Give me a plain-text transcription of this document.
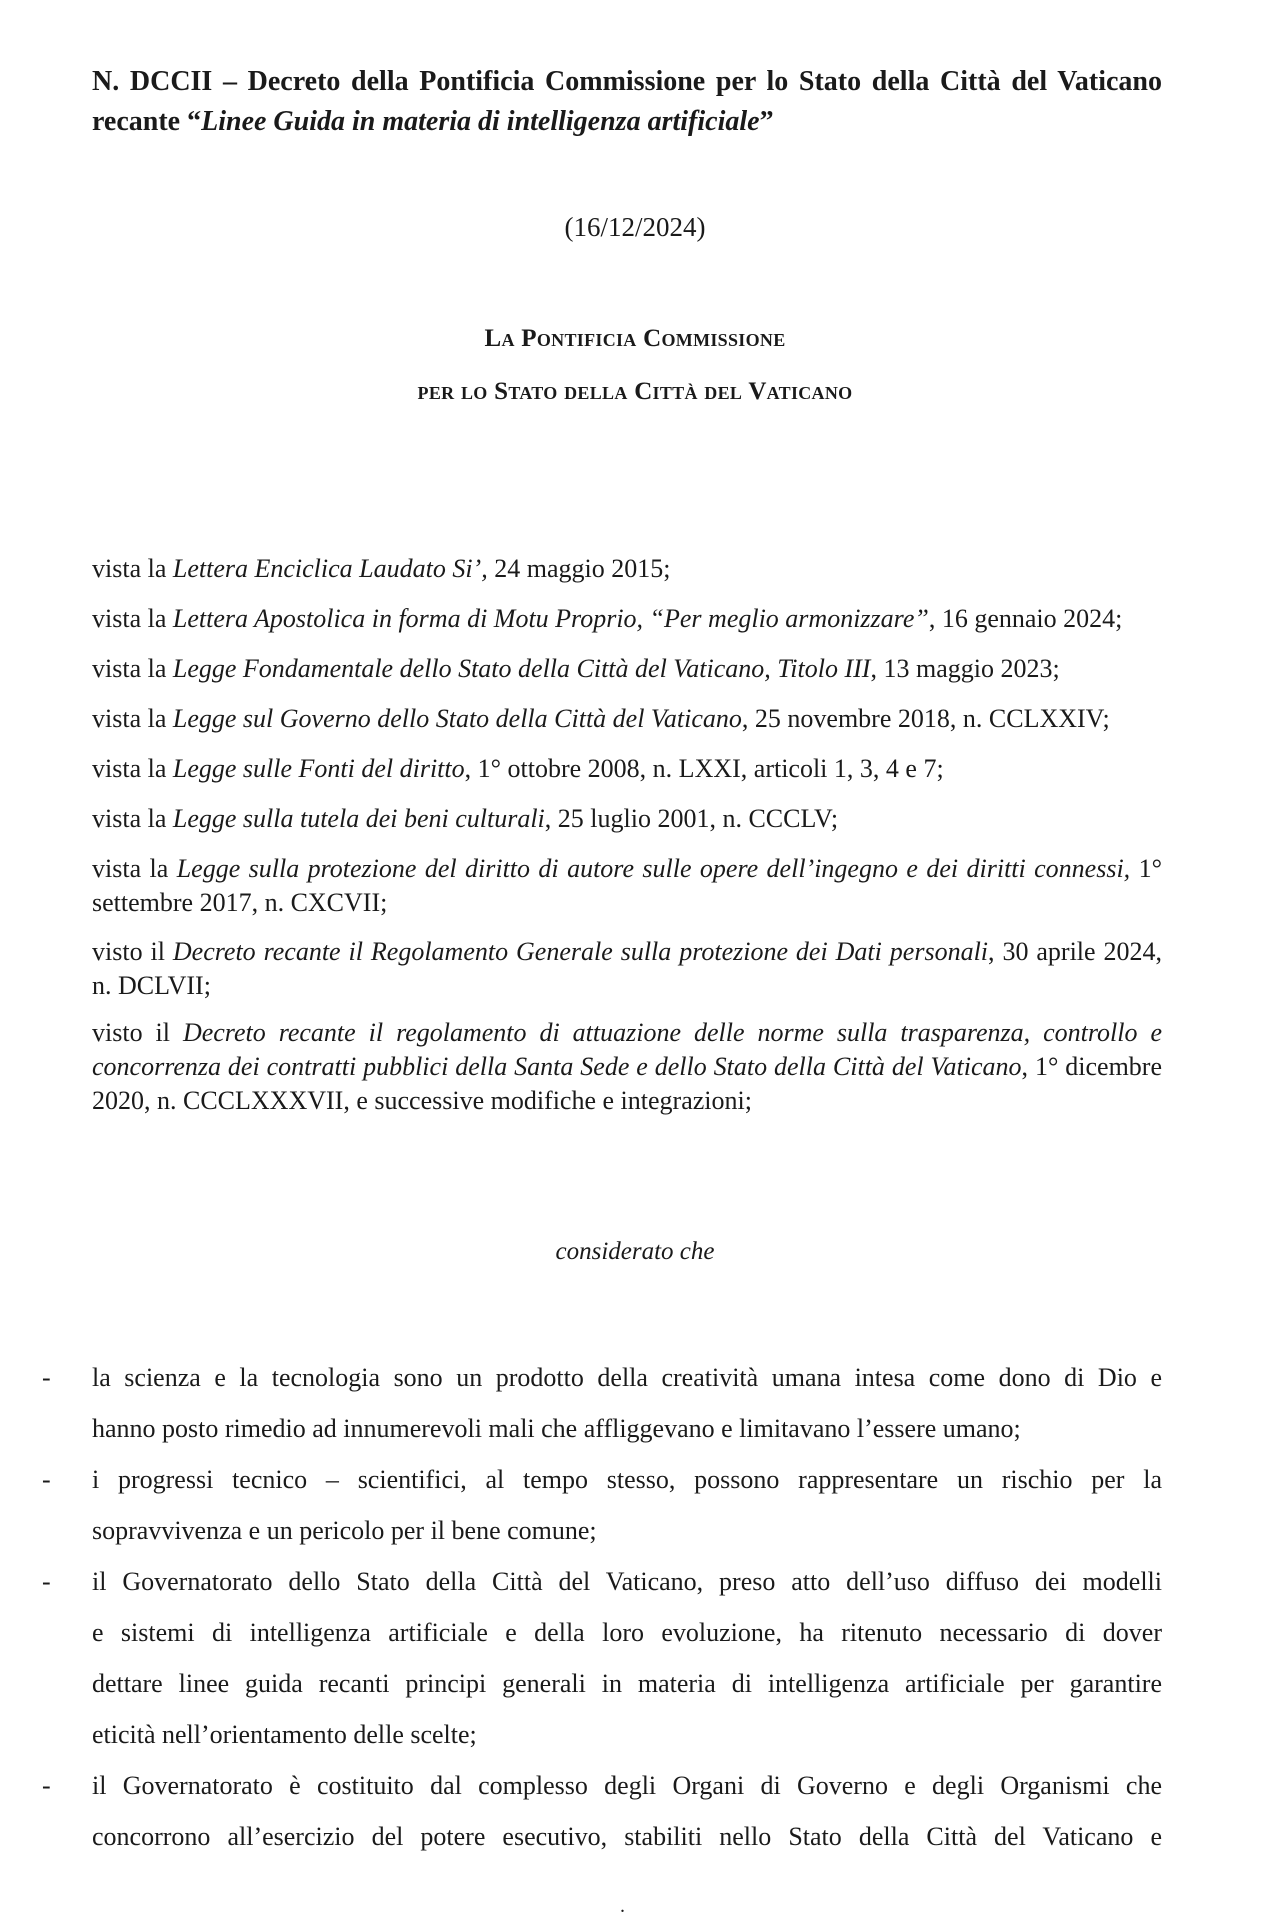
N. DCCII – Decreto della Pontificia Commissione per lo Stato della Città del Vaticano recante “Linee Guida in materia di intelligenza artificiale”
(16/12/2024)
La Pontificia Commissione
per lo Stato della Città del Vaticano
vista la Lettera Enciclica Laudato Si’, 24 maggio 2015;
vista la Lettera Apostolica in forma di Motu Proprio, “Per meglio armonizzare”, 16 gennaio 2024;
vista la Legge Fondamentale dello Stato della Città del Vaticano, Titolo III, 13 maggio 2023;
vista la Legge sul Governo dello Stato della Città del Vaticano, 25 novembre 2018, n. CCLXXIV;
vista la Legge sulle Fonti del diritto, 1° ottobre 2008, n. LXXI, articoli 1, 3, 4 e 7;
vista la Legge sulla tutela dei beni culturali, 25 luglio 2001, n. CCCLV;
vista la Legge sulla protezione del diritto di autore sulle opere dell’ingegno e dei diritti connessi, 1° settembre 2017, n. CXCVII;
visto il Decreto recante il Regolamento Generale sulla protezione dei Dati personali, 30 aprile 2024, n. DCLVII;
visto il Decreto recante il regolamento di attuazione delle norme sulla trasparenza, controllo e concorrenza dei contratti pubblici della Santa Sede e dello Stato della Città del Vaticano, 1° dicembre 2020, n. CCCLXXXVII, e successive modifiche e integrazioni;
considerato che
-	la scienza e la tecnologia sono un prodotto della creatività umana intesa come dono di Dio e
hanno posto rimedio ad innumerevoli mali che affliggevano e limitavano l’essere umano;
-	i progressi tecnico – scientifici, al tempo stesso, possono rappresentare un rischio per la
sopravvivenza e un pericolo per il bene comune;
-	il Governatorato dello Stato della Città del Vaticano, preso atto dell’uso diffuso dei modelli
e sistemi di intelligenza artificiale e della loro evoluzione, ha ritenuto necessario di dover
dettare linee guida recanti principi generali in materia di intelligenza artificiale per garantire
eticità nell’orientamento delle scelte;
-	il Governatorato è costituito dal complesso degli Organi di Governo e degli Organismi che
concorrono all’esercizio del potere esecutivo, stabiliti nello Stato della Città del Vaticano e
.
